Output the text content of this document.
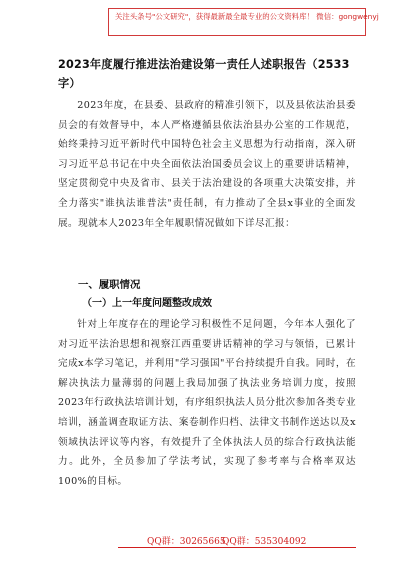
关注头条号"公文研究"，获得最新最全最专业的公文资料库！ 微信：gongwenyj
2023年度履行推进法治建设第一责任人述职报告（2533字）
2023年度，在县委、县政府的精准引领下，以及县依法治县委员会的有效督导中，本人严格遵循县依法治县办公室的工作规范，始终秉持习近平新时代中国特色社会主义思想为行动指南，深入研习习近平总书记在中央全面依法治国委员会议上的重要讲话精神，坚定贯彻党中央及省市、县关于法治建设的各项重大决策安排，并全力落实"谁执法谁普法"责任制，有力推动了全县x事业的全面发展。现就本人2023年全年履职情况做如下详尽汇报：
一、履职情况
（一）上一年度问题整改成效
针对上年度存在的理论学习积极性不足问题，今年本人强化了对习近平法治思想和视察江西重要讲话精神的学习与领悟，已累计完成x本学习笔记，并利用"学习强国"平台持续提升自我。同时，在解决执法力量薄弱的问题上我局加强了执法业务培训力度，按照2023年行政执法培训计划，有序组织执法人员分批次参加各类专业培训，涵盖调查取证方法、案卷制作归档、法律文书制作送达以及x领域执法评议等内容，有效提升了全体执法人员的综合行政执法能力。此外，全员参加了学法考试，实现了参考率与合格率双达100%的目标。
QQ群：30265665
QQ群：535304092
